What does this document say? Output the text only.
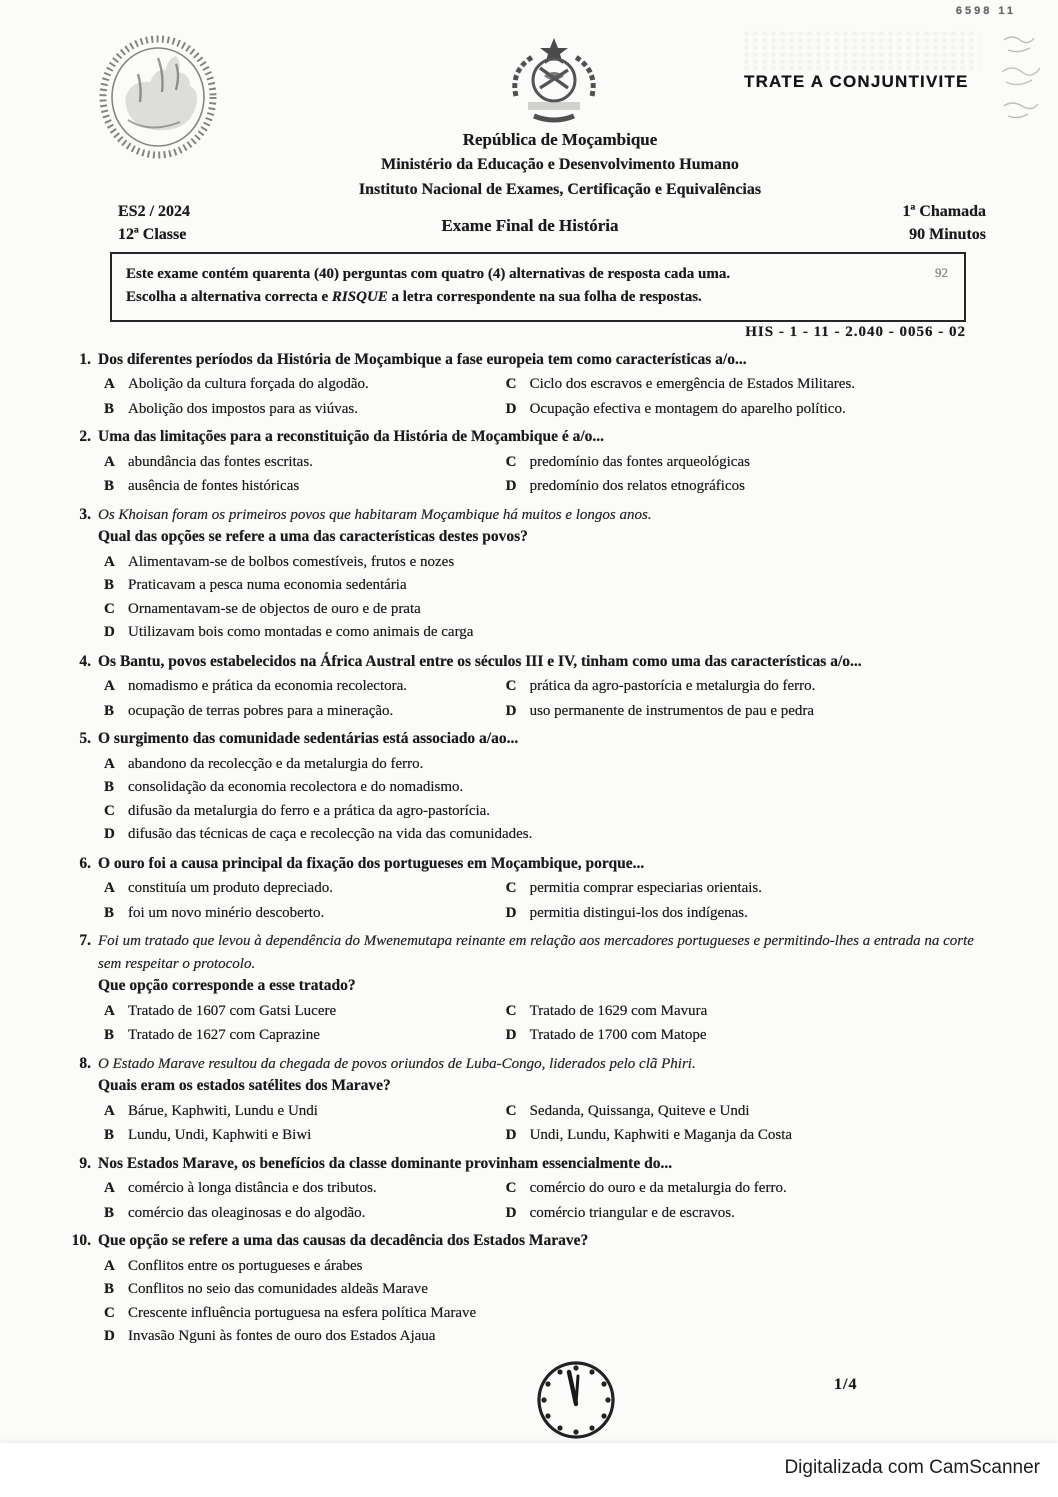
6598 11
TRATE A CONJUNTIVITE
República de Moçambique
Ministério da Educação e Desenvolvimento Humano
Instituto Nacional de Exames, Certificação e Equivalências
ES2 / 2024
12ª Classe	Exame Final de História
1ª Chamada
90 Minutos
Este exame contém quarenta (40) perguntas com quatro (4) alternativas de resposta cada uma.	92
Escolha a alternativa correcta e RISQUE a letra correspondente na sua folha de respostas.
HIS - 1 - 11 - 2.040 - 0056 - 02
1. Dos diferentes períodos da História de Moçambique a fase europeia tem como características a/o...
A Abolição da cultura forçada do algodão.	C Ciclo dos escravos e emergência de Estados Militares.
B Abolição dos impostos para as viúvas.	D Ocupação efectiva e montagem do aparelho político.
2. Uma das limitações para a reconstituição da História de Moçambique é a/o...
A abundância das fontes escritas.	C predomínio das fontes arqueológicas
B ausência de fontes históricas	D predomínio dos relatos etnográficos
3. Os Khoisan foram os primeiros povos que habitaram Moçambique há muitos e longos anos.
Qual das opções se refere a uma das características destes povos?
A Alimentavam-se de bolbos comestíveis, frutos e nozes
B Praticavam a pesca numa economia sedentária
C Ornamentavam-se de objectos de ouro e de prata
D Utilizavam bois como montadas e como animais de carga
4. Os Bantu, povos estabelecidos na África Austral entre os séculos III e IV, tinham como uma das características a/o...
A nomadismo e prática da economia recolectora.	C prática da agro-pastorícia e metalurgia do ferro.
B ocupação de terras pobres para a mineração.	D uso permanente de instrumentos de pau e pedra
5. O surgimento das comunidade sedentárias está associado a/ao...
A abandono da recolecção e da metalurgia do ferro.
B consolidação da economia recolectora e do nomadismo.
C difusão da metalurgia do ferro e a prática da agro-pastorícia.
D difusão das técnicas de caça e recolecção na vida das comunidades.
6. O ouro foi a causa principal da fixação dos portugueses em Moçambique, porque...
A constituía um produto depreciado.	C permitia comprar especiarias orientais.
B foi um novo minério descoberto.	D permitia distingui-los dos indígenas.
7. Foi um tratado que levou à dependência do Mwenemutapa reinante em relação aos mercadores portugueses e permitindo-lhes a entrada na corte sem respeitar o protocolo.
Que opção corresponde a esse tratado?
A Tratado de 1607 com Gatsi Lucere	C Tratado de 1629 com Mavura
B Tratado de 1627 com Caprazine	D Tratado de 1700 com Matope
8. O Estado Marave resultou da chegada de povos oriundos de Luba-Congo, liderados pelo clã Phiri.
Quais eram os estados satélites dos Marave?
A Bárue, Kaphwiti, Lundu e Undi	C Sedanda, Quissanga, Quiteve e Undi
B Lundu, Undi, Kaphwiti e Biwi	D Undi, Lundu, Kaphwiti e Maganja da Costa
9. Nos Estados Marave, os benefícios da classe dominante provinham essencialmente do...
A comércio à longa distância e dos tributos.	C comércio do ouro e da metalurgia do ferro.
B comércio das oleaginosas e do algodão.	D comércio triangular e de escravos.
10. Que opção se refere a uma das causas da decadência dos Estados Marave?
A Conflitos entre os portugueses e árabes
B Conflitos no seio das comunidades aldeãs Marave
C Crescente influência portuguesa na esfera política Marave
D Invasão Nguni às fontes de ouro dos Estados Ajaua
1/4
Digitalizada com CamScanner
